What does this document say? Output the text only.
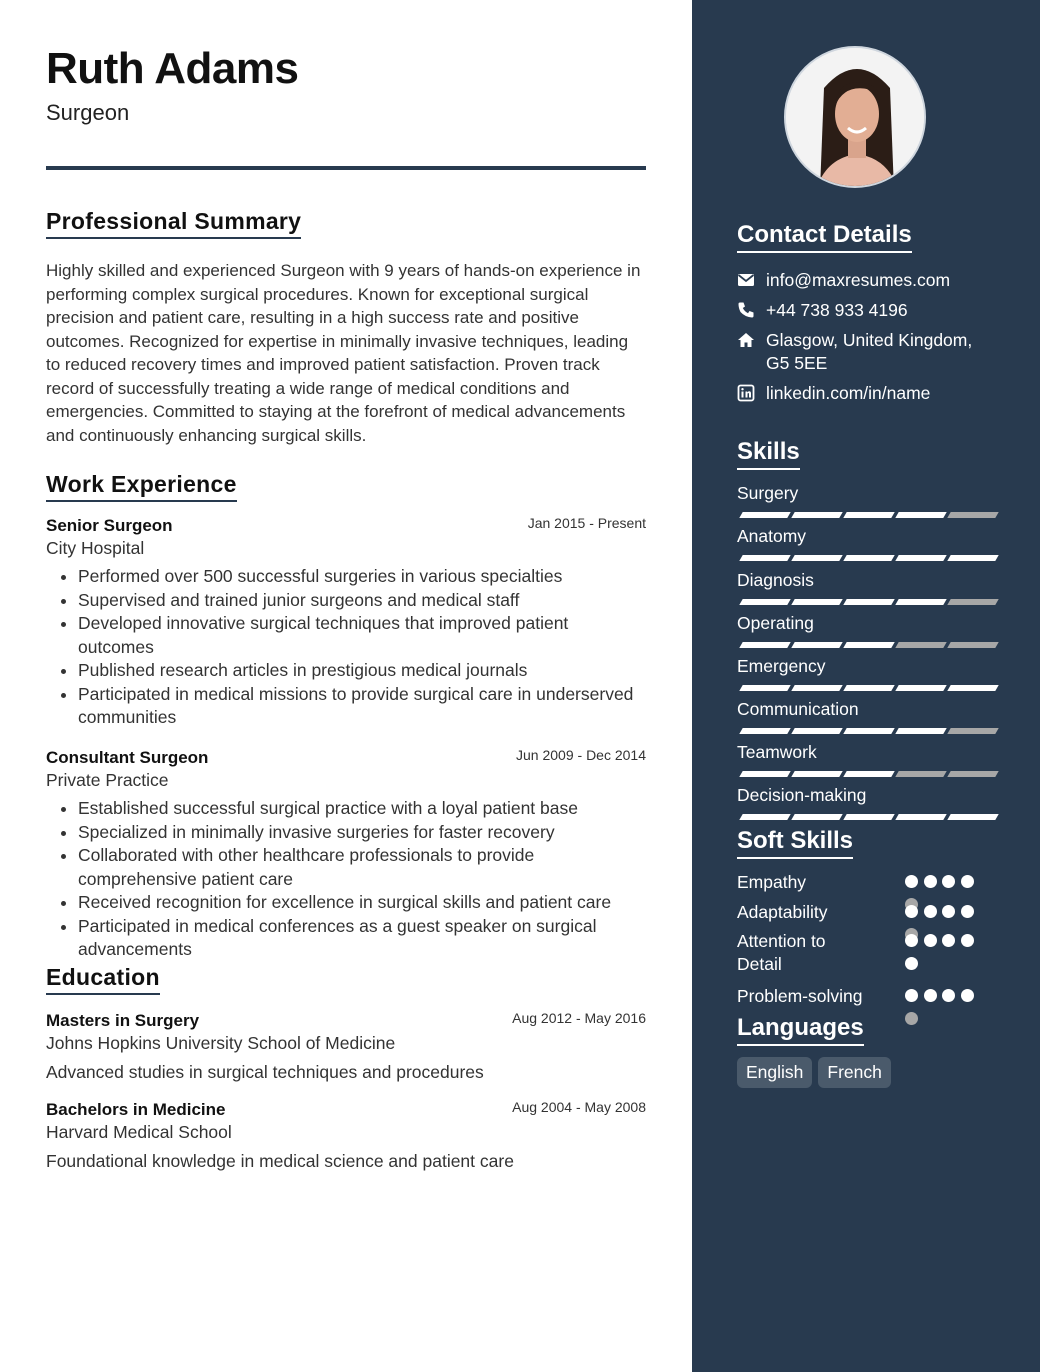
Ruth Adams
Surgeon
Professional Summary
Highly skilled and experienced Surgeon with 9 years of hands-on experience in performing complex surgical procedures. Known for exceptional surgical precision and patient care, resulting in a high success rate and positive outcomes. Recognized for expertise in minimally invasive techniques, leading to reduced recovery times and improved patient satisfaction. Proven track record of successfully treating a wide range of medical conditions and emergencies. Committed to staying at the forefront of medical advancements and continuously enhancing surgical skills.
Work Experience
Senior Surgeon	Jan 2015 - Present
City Hospital
• Performed over 500 successful surgeries in various specialties
• Supervised and trained junior surgeons and medical staff
• Developed innovative surgical techniques that improved patient outcomes
• Published research articles in prestigious medical journals
• Participated in medical missions to provide surgical care in underserved communities
Consultant Surgeon	Jun 2009 - Dec 2014
Private Practice
• Established successful surgical practice with a loyal patient base
• Specialized in minimally invasive surgeries for faster recovery
• Collaborated with other healthcare professionals to provide comprehensive patient care
• Received recognition for excellence in surgical skills and patient care
• Participated in medical conferences as a guest speaker on surgical advancements
Education
Masters in Surgery	Aug 2012 - May 2016
Johns Hopkins University School of Medicine
Advanced studies in surgical techniques and procedures
Bachelors in Medicine	Aug 2004 - May 2008
Harvard Medical School
Foundational knowledge in medical science and patient care
Contact Details
info@maxresumes.com
+44 738 933 4196
Glasgow, United Kingdom, G5 5EE
linkedin.com/in/name
Skills
Surgery
Anatomy
Diagnosis
Operating
Emergency
Communication
Teamwork
Decision-making
Soft Skills
Empathy
Adaptability
Attention to Detail
Problem-solving
Languages
English	French
